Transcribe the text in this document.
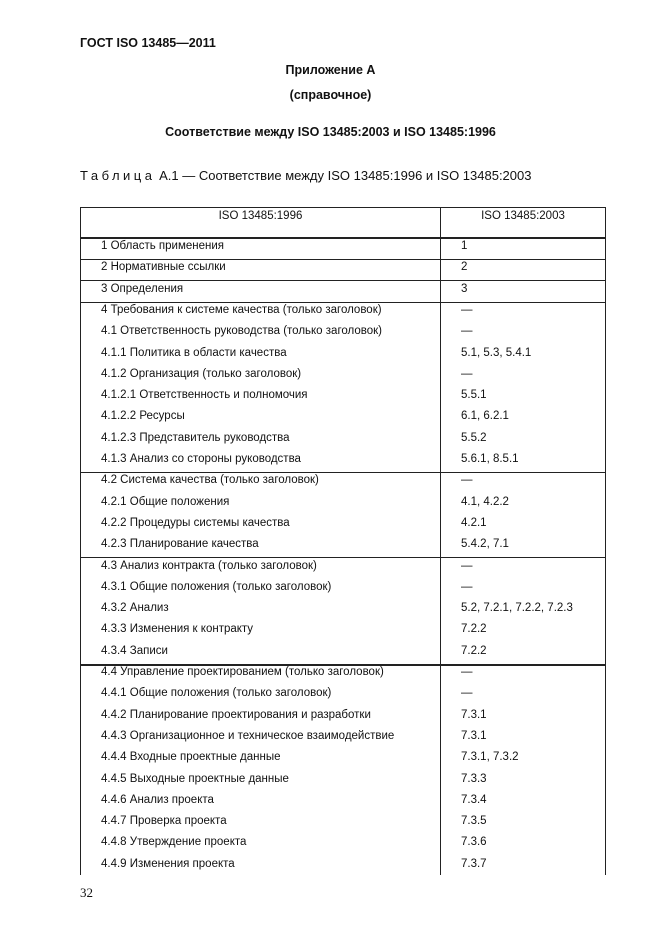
ГОСТ ISO 13485—2011
Приложение А
(справочное)
Соответствие между ISO 13485:2003 и ISO 13485:1996
Таблица А.1 — Соответствие между ISO 13485:1996 и ISO 13485:2003
ISO 13485:1996	ISO 13485:2003
1 Область применения	1
2 Нормативные ссылки	2
3 Определения	3
4 Требования к системе качества (только заголовок)	—
4.1 Ответственность руководства (только заголовок)	—
4.1.1 Политика в области качества	5.1, 5.3, 5.4.1
4.1.2 Организация (только заголовок)	—
4.1.2.1 Ответственность и полномочия	5.5.1
4.1.2.2 Ресурсы	6.1, 6.2.1
4.1.2.3 Представитель руководства	5.5.2
4.1.3 Анализ со стороны руководства	5.6.1, 8.5.1
4.2 Система качества (только заголовок)	—
4.2.1 Общие положения	4.1, 4.2.2
4.2.2 Процедуры системы качества	4.2.1
4.2.3 Планирование качества	5.4.2, 7.1
4.3 Анализ контракта (только заголовок)	—
4.3.1 Общие положения (только заголовок)	—
4.3.2 Анализ	5.2, 7.2.1, 7.2.2, 7.2.3
4.3.3 Изменения к контракту	7.2.2
4.3.4 Записи	7.2.2
4.4 Управление проектированием (только заголовок)	—
4.4.1 Общие положения (только заголовок)	—
4.4.2 Планирование проектирования и разработки	7.3.1
4.4.3 Организационное и техническое взаимодействие	7.3.1
4.4.4 Входные проектные данные	7.3.1, 7.3.2
4.4.5 Выходные проектные данные	7.3.3
4.4.6 Анализ проекта	7.3.4
4.4.7 Проверка проекта	7.3.5
4.4.8 Утверждение проекта	7.3.6
4.4.9 Изменения проекта	7.3.7
32
